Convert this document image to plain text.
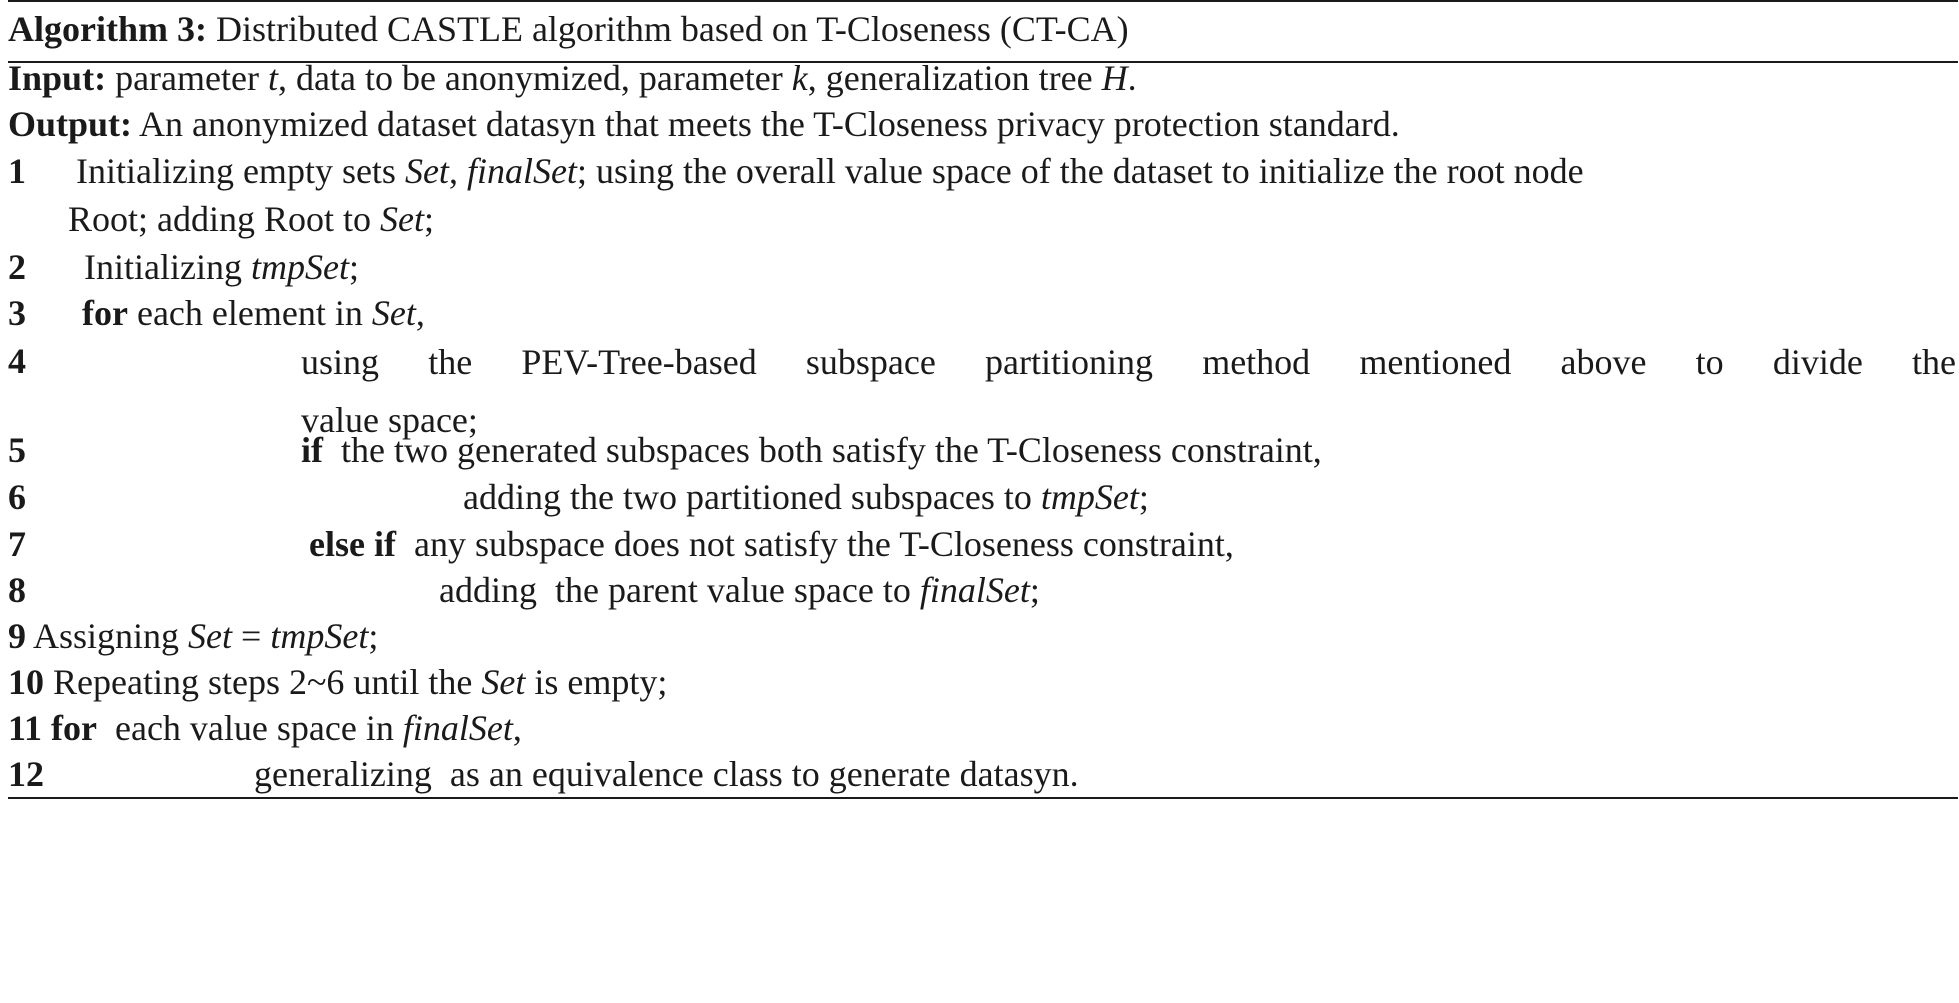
Algorithm 3: Distributed CASTLE algorithm based on T-Closeness (CT-CA)
Input: parameter t, data to be anonymized, parameter k, generalization tree H.
Output: An anonymized dataset datasyn that meets the T-Closeness privacy protection standard.
1 Initializing empty sets Set, finalSet; using the overall value space of the dataset to initialize the root node
Root; adding Root to Set;
2 Initializing tmpSet;
3 for each element in Set,
4	using the PEV-Tree-based subspace partitioning method mentioned above to divide the
value space;
5	if the two generated subspaces both satisfy the T-Closeness constraint,
6	adding the two partitioned subspaces to tmpSet;
7	else if any subspace does not satisfy the T-Closeness constraint,
8	adding  the parent value space to finalSet;
9 Assigning Set = tmpSet;
10 Repeating steps 2~6 until the Set is empty;
11 for each value space in finalSet,
12	generalizing  as an equivalence class to generate datasyn.
